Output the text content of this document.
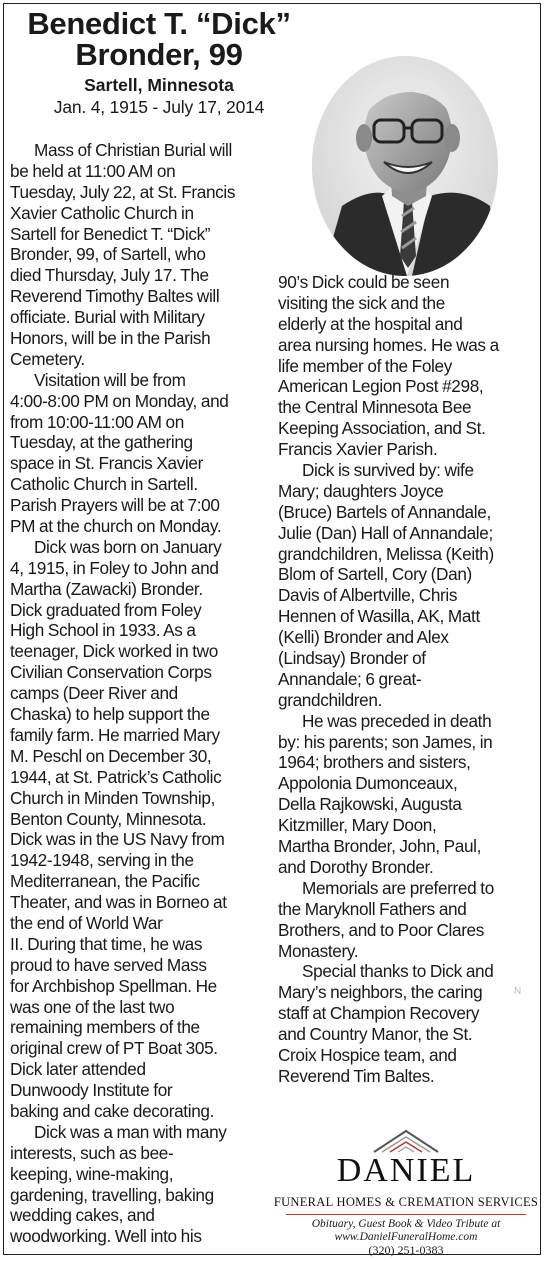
Benedict T. “Dick”
Bronder, 99
Sartell, Minnesota
Jan. 4, 1915 - July 17, 2014
Mass of Christian Burial will
be held at 11:00 AM on
Tuesday, July 22, at St. Francis
Xavier Catholic Church in
Sartell for Benedict T. “Dick”
Bronder, 99, of Sartell, who
died Thursday, July 17. The
Reverend Timothy Baltes will
officiate. Burial with Military
Honors, will be in the Parish
Cemetery.
Visitation will be from
4:00-8:00 PM on Monday, and
from 10:00-11:00 AM on
Tuesday, at the gathering
space in St. Francis Xavier
Catholic Church in Sartell.
Parish Prayers will be at 7:00
PM at the church on Monday.
Dick was born on January
4, 1915, in Foley to John and
Martha (Zawacki) Bronder.
Dick graduated from Foley
High School in 1933. As a
teenager, Dick worked in two
Civilian Conservation Corps
camps (Deer River and
Chaska) to help support the
family farm. He married Mary
M. Peschl on December 30,
1944, at St. Patrick’s Catholic
Church in Minden Township,
Benton County, Minnesota.
Dick was in the US Navy from
1942-1948, serving in the
Mediterranean, the Pacific
Theater, and was in Borneo at
the end of World War
II. During that time, he was
proud to have served Mass
for Archbishop Spellman. He
was one of the last two
remaining members of the
original crew of PT Boat 305.
Dick later attended
Dunwoody Institute for
baking and cake decorating.
Dick was a man with many
interests, such as bee-
keeping, wine-making,
gardening, travelling, baking
wedding cakes, and
woodworking. Well into his
90’s Dick could be seen
visiting the sick and the
elderly at the hospital and
area nursing homes. He was a
life member of the Foley
American Legion Post #298,
the Central Minnesota Bee
Keeping Association, and St.
Francis Xavier Parish.
Dick is survived by: wife
Mary; daughters Joyce
(Bruce) Bartels of Annandale,
Julie (Dan) Hall of Annandale;
grandchildren, Melissa (Keith)
Blom of Sartell, Cory (Dan)
Davis of Albertville, Chris
Hennen of Wasilla, AK, Matt
(Kelli) Bronder and Alex
(Lindsay) Bronder of
Annandale; 6 great-
grandchildren.
He was preceded in death
by: his parents; son James, in
1964; brothers and sisters,
Appolonia Dumonceaux,
Della Rajkowski, Augusta
Kitzmiller, Mary Doon,
Martha Bronder, John, Paul,
and Dorothy Bronder.
Memorials are preferred to
the Maryknoll Fathers and
Brothers, and to Poor Clares
Monastery.
Special thanks to Dick and
Mary’s neighbors, the caring
staff at Champion Recovery
and Country Manor, the St.
Croix Hospice team, and
Reverend Tim Baltes.
N
DANIEL
FUNERAL HOMES & CREMATION SERVICES
Obituary, Guest Book & Video Tribute at
www.DanielFuneralHome.com
(320) 251-0383
